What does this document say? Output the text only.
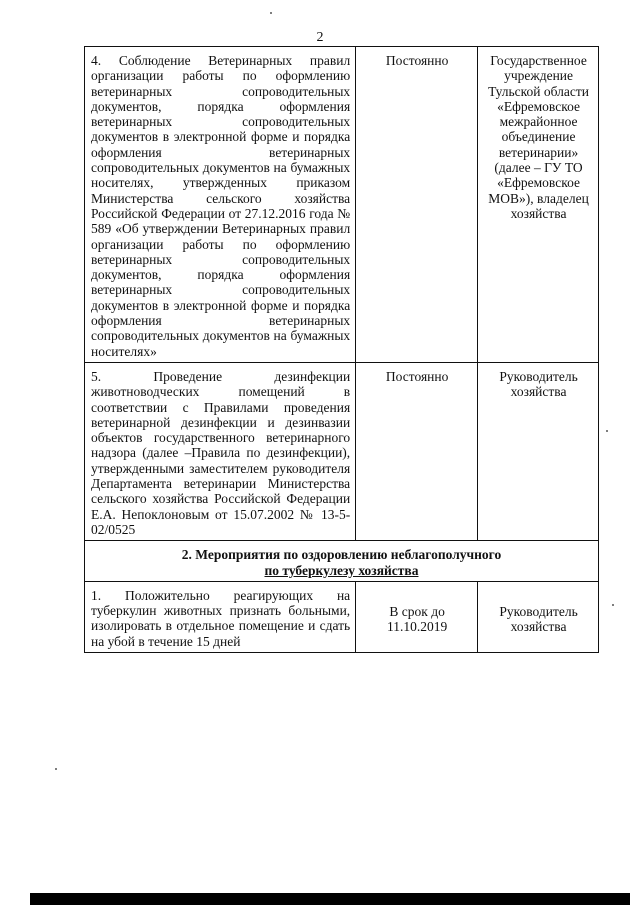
2
4. Соблюдение Ветеринарных правил организации работы по оформлению ветеринарных сопроводительных документов, порядка оформления ветеринарных сопроводительных документов в электронной форме и порядка оформления ветеринарных сопроводительных документов на бумажных носителях, утвержденных приказом Министерства сельского хозяйства Российской Федерации от 27.12.2016 года № 589 «Об утверждении Ветеринарных правил организации работы по оформлению ветеринарных сопроводительных документов, порядка оформления ветеринарных сопроводительных документов в электронной форме и порядка оформления ветеринарных сопроводительных документов на бумажных носителях»	Постоянно	Государственное учреждение Тульской области «Ефремовское межрайонное объединение ветеринарии» (далее – ГУ ТО «Ефремовское МОВ»), владелец хозяйства
5. Проведение дезинфекции животноводческих помещений в соответствии с Правилами проведения ветеринарной дезинфекции и дезинвазии объектов государственного ветеринарного надзора (далее –Правила по дезинфекции), утвержденными заместителем руководителя Департамента ветеринарии Министерства сельского хозяйства Российской Федерации Е.А. Непоклоновым от 15.07.2002 № 13-5-02/0525	Постоянно	Руководитель хозяйства

2. Мероприятия по оздоровлению неблагополучного
по туберкулезу хозяйства		

1. Положительно реагирующих на туберкулин животных признать больными, изолировать в отдельное помещение и сдать на убой в течение 15 дней	В срок до 11.10.2019	Руководитель хозяйства
